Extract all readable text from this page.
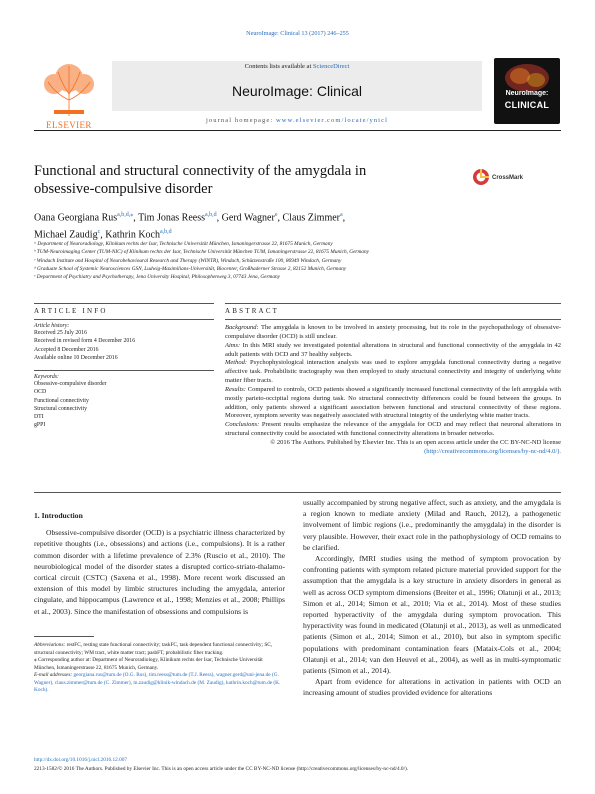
NeuroImage: Clinical 13 (2017) 246–255
Contents lists available at ScienceDirect
NeuroImage: Clinical
journal homepage: www.elsevier.com/locate/ynicl
ELSEVIER
NeuroImage:
CLINICAL
Functional and structural connectivity of the amygdala in
obsessive-compulsive disorder
CrossMark
Oana Georgiana Rus$^{a,b,d,⁎}$, Tim Jonas Reess$^{a,b,d}$, Gerd Wagner$^e$, Claus Zimmer$^a$,
Michael Zaudig$^c$, Kathrin Koch$^{a,b,d}$
ᵃ Department of Neuroradiology, Klinikum rechts der Isar, Technische Universität München, Ismaningerstrasse 22, 81675 Munich, Germany
ᵇ TUM-Neuroimaging Center (TUM-NIC) of Klinikum rechts der Isar, Technische Universität München TUM, Ismaningerstrasse 22, 81675 Munich, Germany
ᶜ Windach Institute and Hospital of Neurobehavioural Research and Therapy (WINTR), Windach, Schützenstraße 100, 86949 Windach, Germany
ᵈ Graduate School of Systemic Neurosciences GSN, Ludwig-Maximilians-Universität, Biocenter, Großhaderner Strasse 2, 82152 Munich, Germany
ᵉ Department of Psychiatry and Psychotherapy, Jena University Hospital, Philosophenweg 3, 07743 Jena, Germany
ARTICLE INFO	ABSTRACT
Article history:
Received 25 July 2016
Received in revised form 4 December 2016
Accepted 8 December 2016
Available online 10 December 2016
Keywords:
Obsessive-compulsive disorder
OCD
Functional connectivity
Structural connectivity
DTI
gPPI
Background: The amygdala is known to be involved in anxiety processing, but its role in the psychopathology of obsessive-compulsive disorder (OCD) is still unclear.
Aims: In this MRI study we investigated potential alterations in structural and functional connectivity of the amygdala in 42 adult patients with OCD and 37 healthy subjects.
Method: Psychophysiological interaction analysis was used to explore amygdala functional connectivity during a negative affective task. Probabilistic tractography was then employed to study structural connectivity and integrity of underlying white matter fiber tracts.
Results: Compared to controls, OCD patients showed a significantly increased functional connectivity of the left amygdala with mostly parieto-occipital regions during task. No structural connectivity differences could be found between the groups. In addition, only patients showed a significant association between functional and structural connectivity of these regions. Moreover, symptom severity was negatively associated with structural integrity of the underlying white matter tracts.
Conclusions: Present results emphasize the relevance of the amygdala for OCD and may reflect that neuronal alterations in structural connectivity could be associated with functional connectivity alterations in broader networks.
© 2016 The Authors. Published by Elsevier Inc. This is an open access article under the CC BY-NC-ND license
(http://creativecommons.org/licenses/by-nc-nd/4.0/).
1. Introduction

Obsessive-compulsive disorder (OCD) is a psychiatric illness characterized by repetitive thoughts (i.e., obsessions) and actions (i.e., compulsions). It is a rather common disorder with a lifetime prevalence of 2.3% (Ruscio et al., 2010). The neurobiological model of the disorder states a disrupted cortico-striato-thalamo-cortical circuit (CSTC) (Saxena et al., 1998). More recent work discussed an extension of this model by limbic structures including the amygdala, anterior cingulate, and hippocampus (Lawrence et al., 1998; Menzies et al., 2008; Phillips et al., 2003). Since the manifestation of obsessions and compulsions is

Abbreviations: restFC, resting state functional connectivity; taskFC, task dependent functional connectivity; SC, structural connectivity; WM tract, white matter tract; pasbFT, probabilistic fiber tracking.
⁎ Corresponding author at: Department of Neuroradiology, Klinikum rechts der Isar, Technische Universität München, Ismaningerstrasse 22, 81675 Munich, Germany.
E-mail addresses: georgiana.rus@tum.de (O.G. Rus), tim.reess@tum.de (T.J. Reess), wagner.gerd@uni-jena.de (G. Wagner), claus.zimmer@tum.de (C. Zimmer), m.zaudig@klinik-windach.de (M. Zaudig), kathrin.koch@tum.de (K. Koch).

usually accompanied by strong negative affect, such as anxiety, and the amygdala is a region known to mediate anxiety (Milad and Rauch, 2012), a pathogenetic involvement of limbic regions (i.e., predominantly the amygdala) in the disorder is very plausible. However, their exact role in the pathophysiology of OCD remains to be clarified.

Accordingly, fMRI studies using the method of symptom provocation by confronting patients with symptom related picture material provided support for the assumption that the amygdala is a key structure in anxiety disorders in general as well as across OCD symptom dimensions (Breiter et al., 1996; Olatunji et al., 2013; Simon et al., 2014; Simon et al., 2010; Via et al., 2014). Most of these studies reported hyperactivity of the amygdala during symptom provocation. This hyperactivity was found in medicated (Olatunji et al., 2013), as well as unmedicated patients (Simon et al., 2014; Simon et al., 2010), but also in symptom specific populations with predominant contamination fears (Mataix-Cols et al., 2004; Olatunji et al., 2014; van den Heuvel et al., 2004), as well as in multi-symptomatic patients (Simon et al., 2014).

Apart from evidence for alterations in activation in patients with OCD an increasing amount of studies provided evidence for alterations

http://dx.doi.org/10.1016/j.nicl.2016.12.007
2213-1582/© 2016 The Authors. Published by Elsevier Inc. This is an open access article under the CC BY-NC-ND license (http://creativecommons.org/licenses/by-nc-nd/4.0/).
